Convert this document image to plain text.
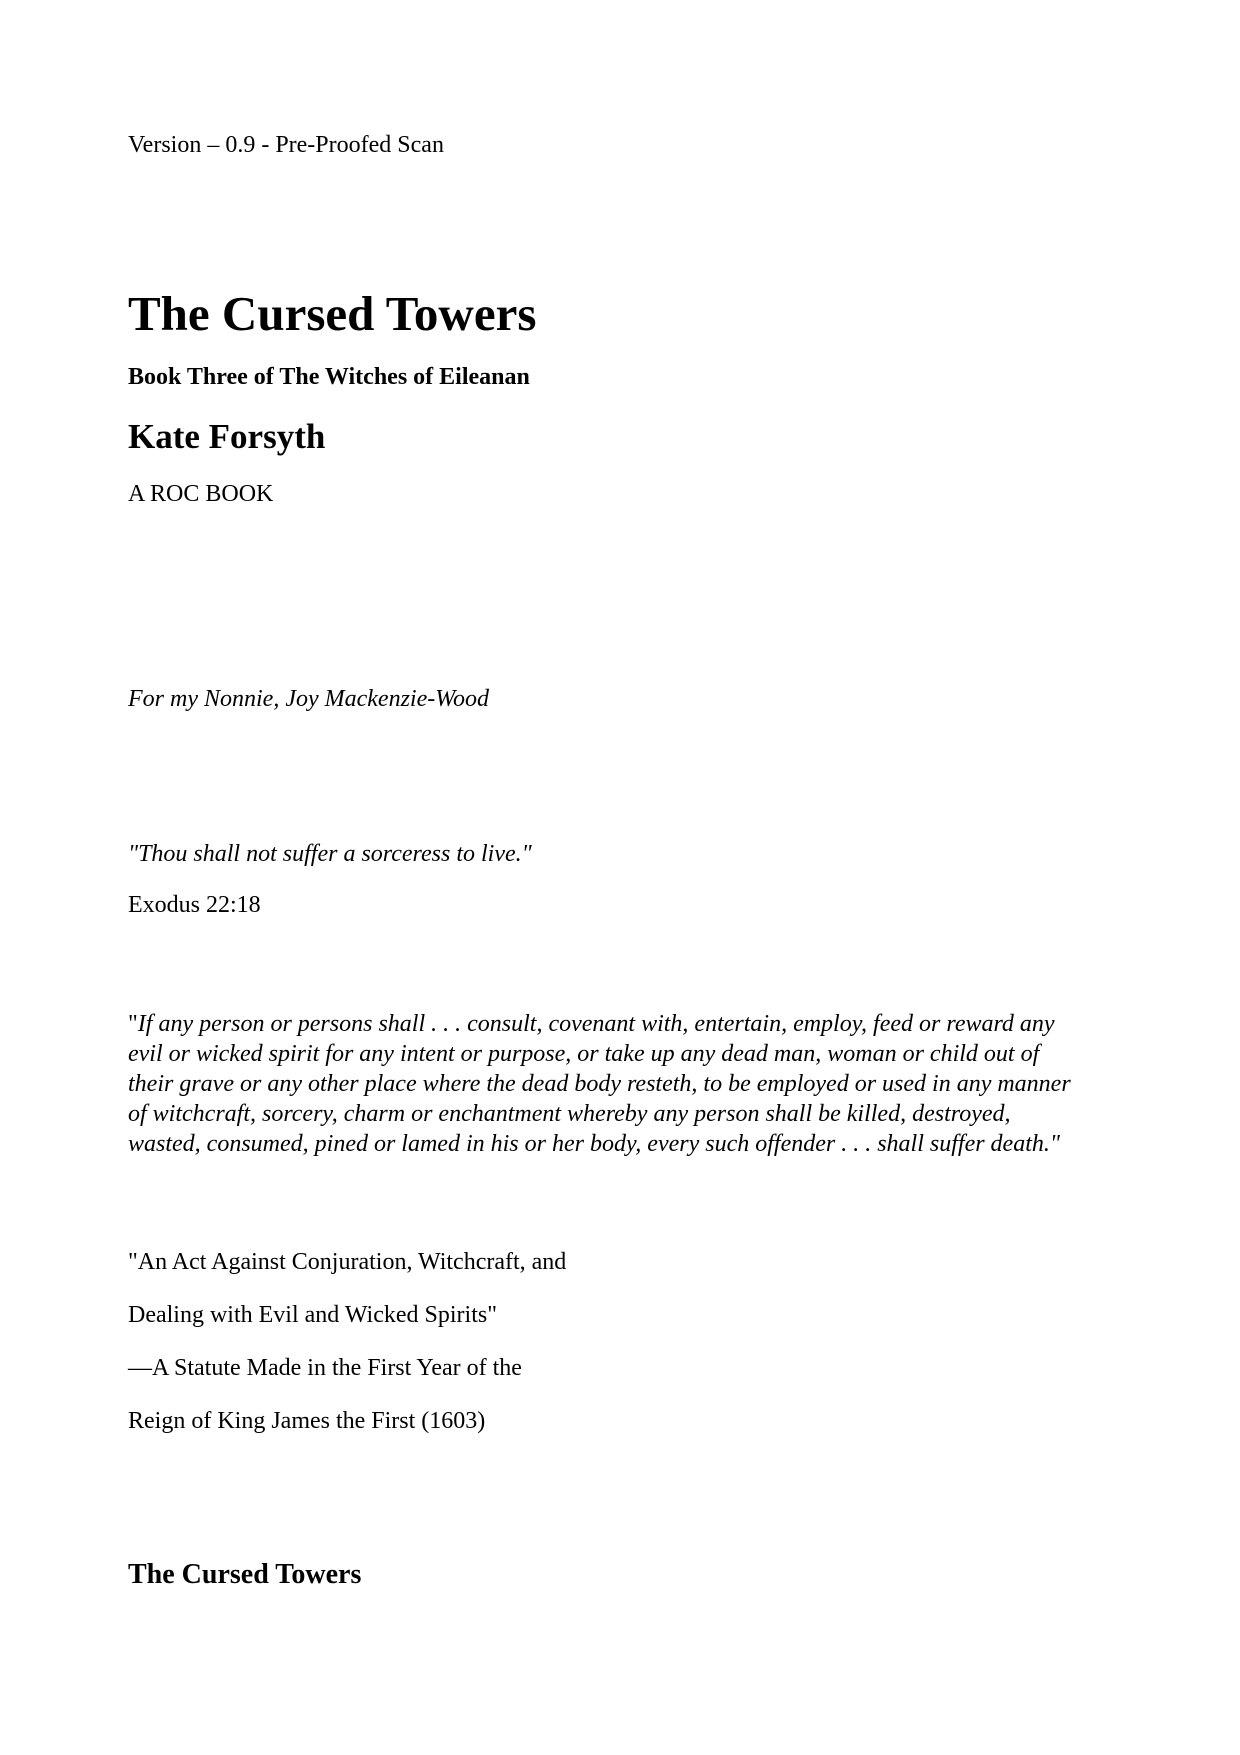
Version – 0.9 - Pre-Proofed Scan

The Cursed Towers

Book Three of The Witches of Eileanan

Kate Forsyth

A ROC BOOK

For my Nonnie, Joy Mackenzie-Wood

"Thou shall not suffer a sorceress to live."

Exodus 22:18

"If any person or persons shall . . . consult, covenant with, entertain, employ, feed or reward any
evil or wicked spirit for any intent or purpose, or take up any dead man, woman or child out of
their grave or any other place where the dead body resteth, to be employed or used in any manner
of witchcraft, sorcery, charm or enchantment whereby any person shall be killed, destroyed,
wasted, consumed, pined or lamed in his or her body, every such offender . . . shall suffer death."

"An Act Against Conjuration, Witchcraft, and

Dealing with Evil and Wicked Spirits"

—A Statute Made in the First Year of the

Reign of King James the First (1603)

The Cursed Towers
